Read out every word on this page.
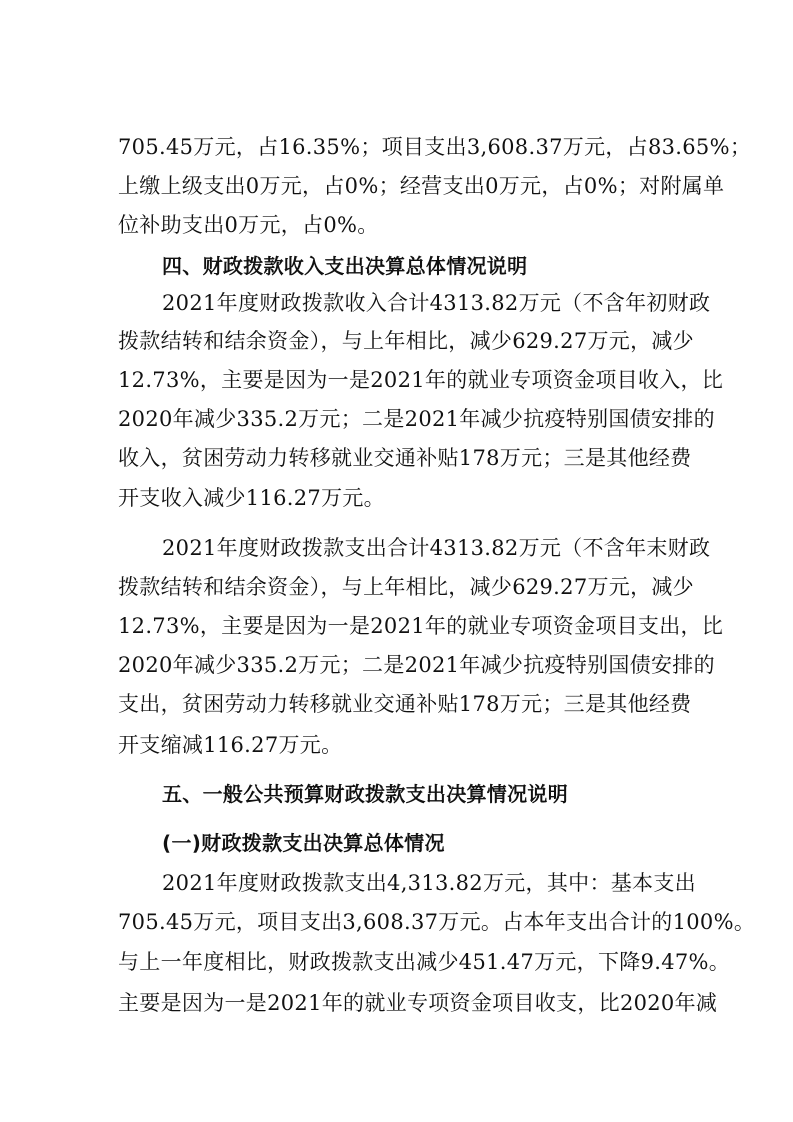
705.45万元，占16.35%；项目支出3,608.37万元，占83.65%；
上缴上级支出0万元，占0%；经营支出0万元，占0%；对附属单
位补助支出0万元，占0%。
四、财政拨款收入支出决算总体情况说明
2021年度财政拨款收入合计4313.82万元（不含年初财政
拨款结转和结余资金），与上年相比，减少629.27万元，减少
12.73%，主要是因为一是2021年的就业专项资金项目收入，比
2020年减少335.2万元；二是2021年减少抗疫特别国债安排的
收入，贫困劳动力转移就业交通补贴178万元；三是其他经费
开支收入减少116.27万元。
2021年度财政拨款支出合计4313.82万元（不含年末财政
拨款结转和结余资金），与上年相比，减少629.27万元，减少
12.73%，主要是因为一是2021年的就业专项资金项目支出，比
2020年减少335.2万元；二是2021年减少抗疫特别国债安排的
支出，贫困劳动力转移就业交通补贴178万元；三是其他经费
开支缩减116.27万元。
五、一般公共预算财政拨款支出决算情况说明
(一)财政拨款支出决算总体情况
2021年度财政拨款支出4,313.82万元，其中：基本支出
705.45万元，项目支出3,608.37万元。占本年支出合计的100%。
与上一年度相比，财政拨款支出减少451.47万元，下降9.47%。
主要是因为一是2021年的就业专项资金项目收支，比2020年减
